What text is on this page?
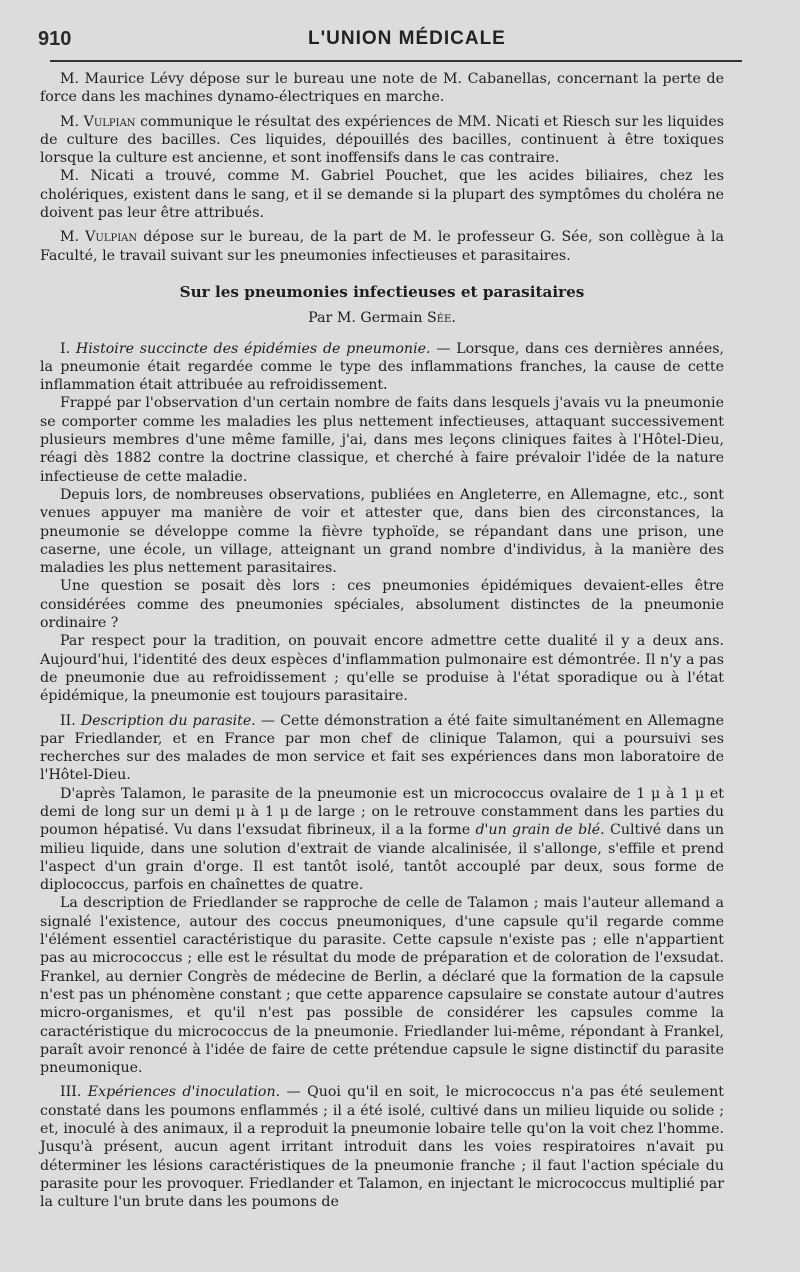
910	L'UNION MÉDICALE

M. Maurice Lévy dépose sur le bureau une note de M. Cabanellas, concernant la perte de force dans les machines dynamo-électriques en marche.

M. Vulpian communique le résultat des expériences de MM. Nicati et Riesch sur les liquides de culture des bacilles. Ces liquides, dépouillés des bacilles, continuent à être toxiques lorsque la culture est ancienne, et sont inoffensifs dans le cas contraire.

M. Nicati a trouvé, comme M. Gabriel Pouchet, que les acides biliaires, chez les cholériques, existent dans le sang, et il se demande si la plupart des symptômes du choléra ne doivent pas leur être attribués.

M. Vulpian dépose sur le bureau, de la part de M. le professeur G. Sée, son collègue à la Faculté, le travail suivant sur les pneumonies infectieuses et parasitaires.

Sur les pneumonies infectieuses et parasitaires
Par M. Germain Sée.

I. Histoire succincte des épidémies de pneumonie. — Lorsque, dans ces dernières années, la pneumonie était regardée comme le type des inflammations franches, la cause de cette inflammation était attribuée au refroidissement.

Frappé par l'observation d'un certain nombre de faits dans lesquels j'avais vu la pneumonie se comporter comme les maladies les plus nettement infectieuses, attaquant successivement plusieurs membres d'une même famille, j'ai, dans mes leçons cliniques faites à l'Hôtel-Dieu, réagi dès 1882 contre la doctrine classique, et cherché à faire prévaloir l'idée de la nature infectieuse de cette maladie.

Depuis lors, de nombreuses observations, publiées en Angleterre, en Allemagne, etc., sont venues appuyer ma manière de voir et attester que, dans bien des circonstances, la pneumonie se développe comme la fièvre typhoïde, se répandant dans une prison, une caserne, une école, un village, atteignant un grand nombre d'individus, à la manière des maladies les plus nettement parasitaires.

Une question se posait dès lors : ces pneumonies épidémiques devaient-elles être considérées comme des pneumonies spéciales, absolument distinctes de la pneumonie ordinaire ?

Par respect pour la tradition, on pouvait encore admettre cette dualité il y a deux ans. Aujourd'hui, l'identité des deux espèces d'inflammation pulmonaire est démontrée. Il n'y a pas de pneumonie due au refroidissement ; qu'elle se produise à l'état sporadique ou à l'état épidémique, la pneumonie est toujours parasitaire.

II. Description du parasite. — Cette démonstration a été faite simultanément en Allemagne par Friedlander, et en France par mon chef de clinique Talamon, qui a poursuivi ses recherches sur des malades de mon service et fait ses expériences dans mon laboratoire de l'Hôtel-Dieu.

D'après Talamon, le parasite de la pneumonie est un micrococcus ovalaire de 1 μ à 1 μ et demi de long sur un demi μ à 1 μ de large ; on le retrouve constamment dans les parties du poumon hépatisé. Vu dans l'exsudat fibrineux, il a la forme d'un grain de blé. Cultivé dans un milieu liquide, dans une solution d'extrait de viande alcalinisée, il s'allonge, s'effile et prend l'aspect d'un grain d'orge. Il est tantôt isolé, tantôt accouplé par deux, sous forme de diplococcus, parfois en chaînettes de quatre.

La description de Friedlander se rapproche de celle de Talamon ; mais l'auteur allemand a signalé l'existence, autour des coccus pneumoniques, d'une capsule qu'il regarde comme l'élément essentiel caractéristique du parasite. Cette capsule n'existe pas ; elle n'appartient pas au micrococcus ; elle est le résultat du mode de préparation et de coloration de l'exsudat. Frankel, au dernier Congrès de médecine de Berlin, a déclaré que la formation de la capsule n'est pas un phénomène constant ; que cette apparence capsulaire se constate autour d'autres micro-organismes, et qu'il n'est pas possible de considérer les capsules comme la caractéristique du micrococcus de la pneumonie. Friedlander lui-même, répondant à Frankel, paraît avoir renoncé à l'idée de faire de cette prétendue capsule le signe distinctif du parasite pneumonique.

III. Expériences d'inoculation. — Quoi qu'il en soit, le micrococcus n'a pas été seulement constaté dans les poumons enflammés ; il a été isolé, cultivé dans un milieu liquide ou solide ; et, inoculé à des animaux, il a reproduit la pneumonie lobaire telle qu'on la voit chez l'homme. Jusqu'à présent, aucun agent irritant introduit dans les voies respiratoires n'avait pu déterminer les lésions caractéristiques de la pneumonie franche ; il faut l'action spéciale du parasite pour les provoquer. Friedlander et Talamon, en injectant le micrococcus multiplié par la culture l'un brute dans les poumons de
